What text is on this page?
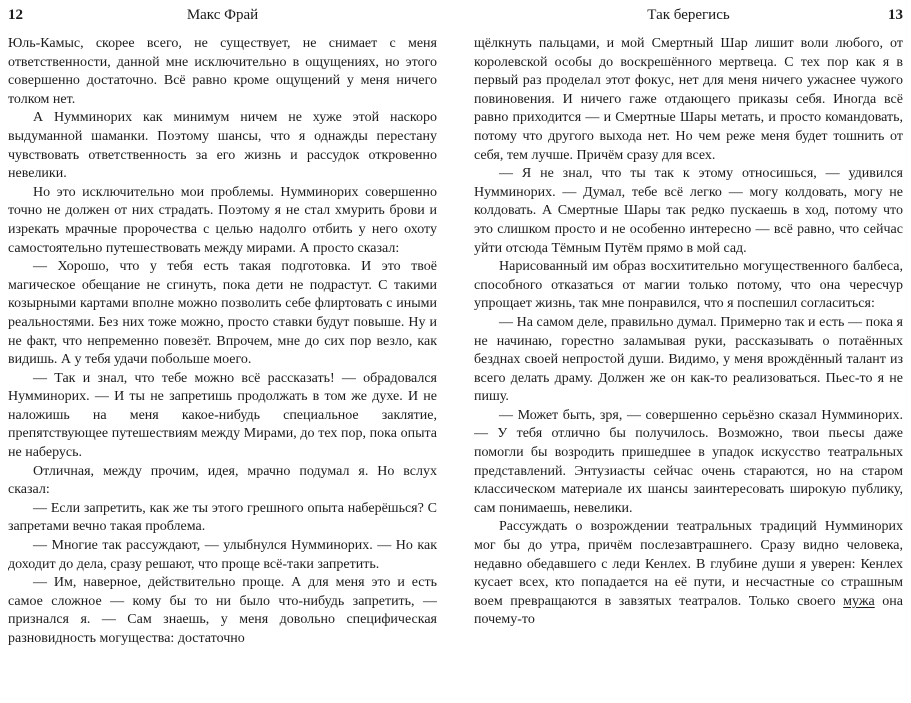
12	Макс Фрай

Юль-Камыс, скорее всего, не существует, не снимает с меня ответственности, данной мне исключительно в ощущениях, но этого совершенно достаточно. Всё равно кроме ощущений у меня ничего толком нет.

А Нумминорих как минимум ничем не хуже этой наскоро выдуманной шаманки. Поэтому шансы, что я однажды перестану чувствовать ответственность за его жизнь и рассудок откровенно невелики.

Но это исключительно мои проблемы. Нумминорих совершенно точно не должен от них страдать. Поэтому я не стал хмурить брови и изрекать мрачные пророчества с целью надолго отбить у него охоту самостоятельно путешествовать между мирами. А просто сказал:

— Хорошо, что у тебя есть такая подготовка. И это твоё магическое обещание не сгинуть, пока дети не подрастут. С такими козырными картами вполне можно позволить себе флиртовать с иными реальностями. Без них тоже можно, просто ставки будут повыше. Ну и не факт, что непременно повезёт. Впрочем, мне до сих пор везло, как видишь. А у тебя удачи побольше моего.

— Так и знал, что тебе можно всё рассказать! — обрадовался Нумминорих. — И ты не запретишь продолжать в том же духе. И не наложишь на меня какое-нибудь специальное заклятие, препятствующее путешествиям между Мирами, до тех пор, пока опыта не наберусь.

Отличная, между прочим, идея, мрачно подумал я. Но вслух сказал:

— Если запретить, как же ты этого грешного опыта наберёшься? С запретами вечно такая проблема.

— Многие так рассуждают, — улыбнулся Нумминорих. — Но как доходит до дела, сразу решают, что проще всё-таки запретить.

— Им, наверное, действительно проще. А для меня это и есть самое сложное — кому бы то ни было что-нибудь запретить, — признался я. — Сам знаешь, у меня довольно специфическая разновидность могущества: достаточно

Так берегись	13

щёлкнуть пальцами, и мой Смертный Шар лишит воли любого, от королевской особы до воскрешённого мертвеца. С тех пор как я в первый раз проделал этот фокус, нет для меня ничего ужаснее чужого повиновения. И ничего гаже отдающего приказы себя. Иногда всё равно приходится — и Смертные Шары метать, и просто командовать, потому что другого выхода нет. Но чем реже меня будет тошнить от себя, тем лучше. Причём сразу для всех.

— Я не знал, что ты так к этому относишься, — удивился Нумминорих. — Думал, тебе всё легко — могу колдовать, могу не колдовать. А Смертные Шары так редко пускаешь в ход, потому что это слишком просто и не особенно интересно — всё равно, что сейчас уйти отсюда Тёмным Путём прямо в мой сад.

Нарисованный им образ восхитительно могущественного балбеса, способного отказаться от магии только потому, что она чересчур упрощает жизнь, так мне понравился, что я поспешил согласиться:

— На самом деле, правильно думал. Примерно так и есть — пока я не начинаю, горестно заламывая руки, рассказывать о потаённых безднах своей непростой души. Видимо, у меня врождённый талант из всего делать драму. Должен же он как-то реализоваться. Пьес-то я не пишу.

— Может быть, зря, — совершенно серьёзно сказал Нумминорих. — У тебя отлично бы получилось. Возможно, твои пьесы даже помогли бы возродить пришедшее в упадок искусство театральных представлений. Энтузиасты сейчас очень стараются, но на старом классическом материале их шансы заинтересовать широкую публику, сам понимаешь, невелики.

Рассуждать о возрождении театральных традиций Нумминорих мог бы до утра, причём послезавтрашнего. Сразу видно человека, недавно обедавшего с леди Кенлех. В глубине души я уверен: Кенлех кусает всех, кто попадается на её пути, и несчастные со страшным воем превращаются в завзятых театралов. Только своего мужа она почему-то
